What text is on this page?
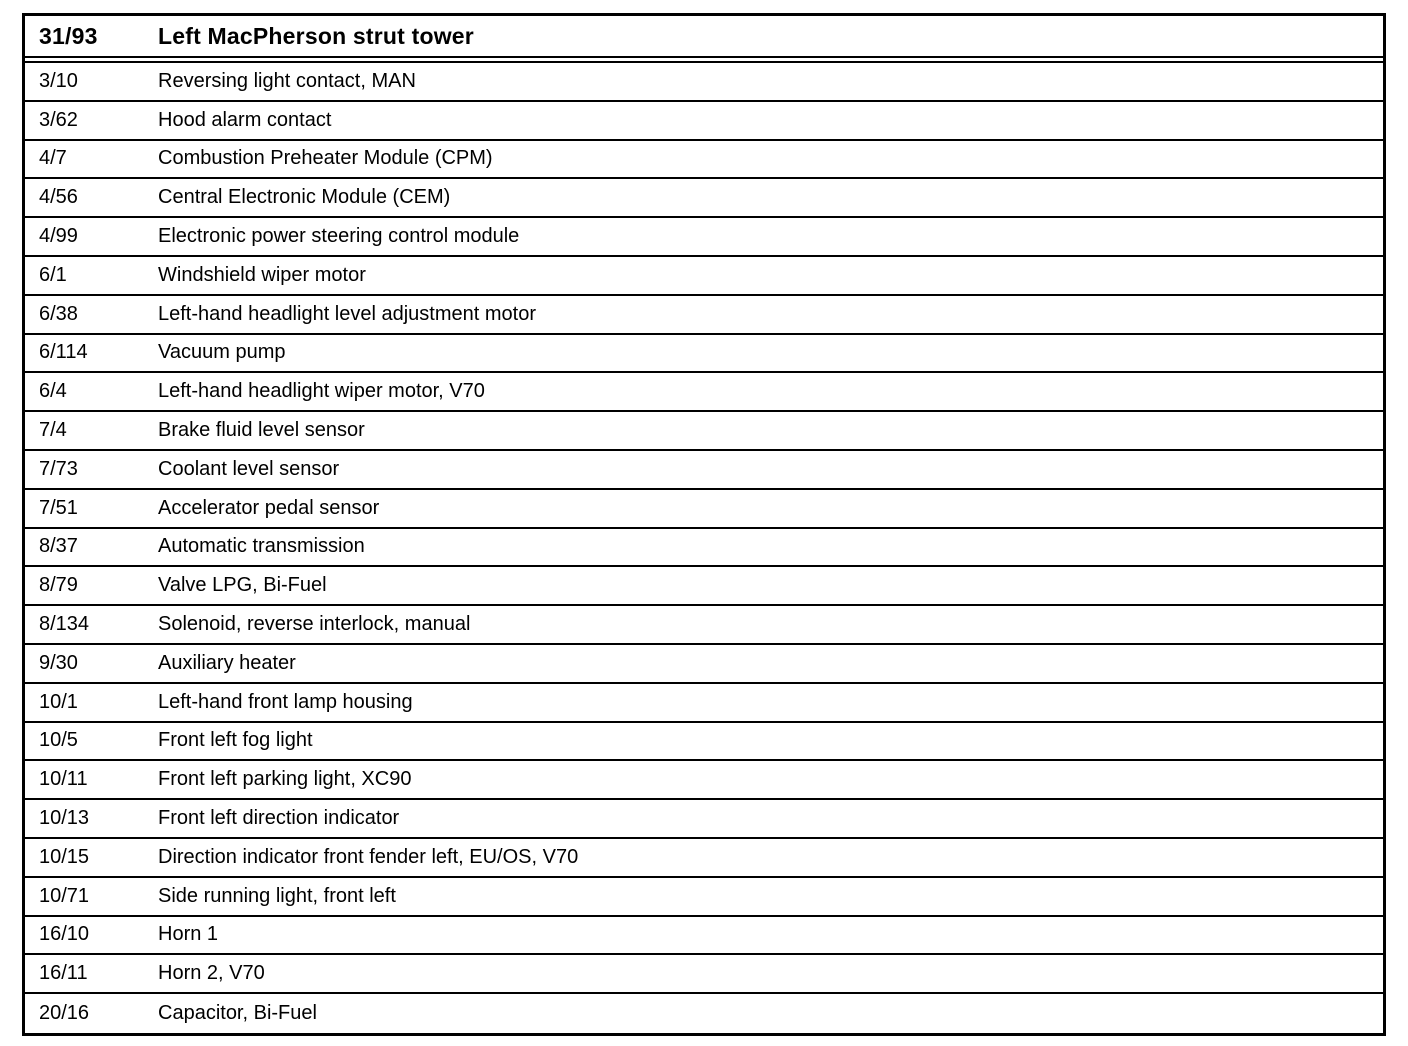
31/93	Left MacPherson strut tower
3/10	Reversing light contact, MAN
3/62	Hood alarm contact
4/7	Combustion Preheater Module (CPM)
4/56	Central Electronic Module (CEM)
4/99	Electronic power steering control module
6/1	Windshield wiper motor
6/38	Left-hand headlight level adjustment motor
6/114	Vacuum pump
6/4	Left-hand headlight wiper motor, V70
7/4	Brake fluid level sensor
7/73	Coolant level sensor
7/51	Accelerator pedal sensor
8/37	Automatic transmission
8/79	Valve LPG, Bi-Fuel
8/134	Solenoid, reverse interlock, manual
9/30	Auxiliary heater
10/1	Left-hand front lamp housing
10/5	Front left fog light
10/11	Front left parking light, XC90
10/13	Front left direction indicator
10/15	Direction indicator front fender left, EU/OS, V70
10/71	Side running light, front left
16/10	Horn 1
16/11	Horn 2, V70
20/16	Capacitor, Bi-Fuel
